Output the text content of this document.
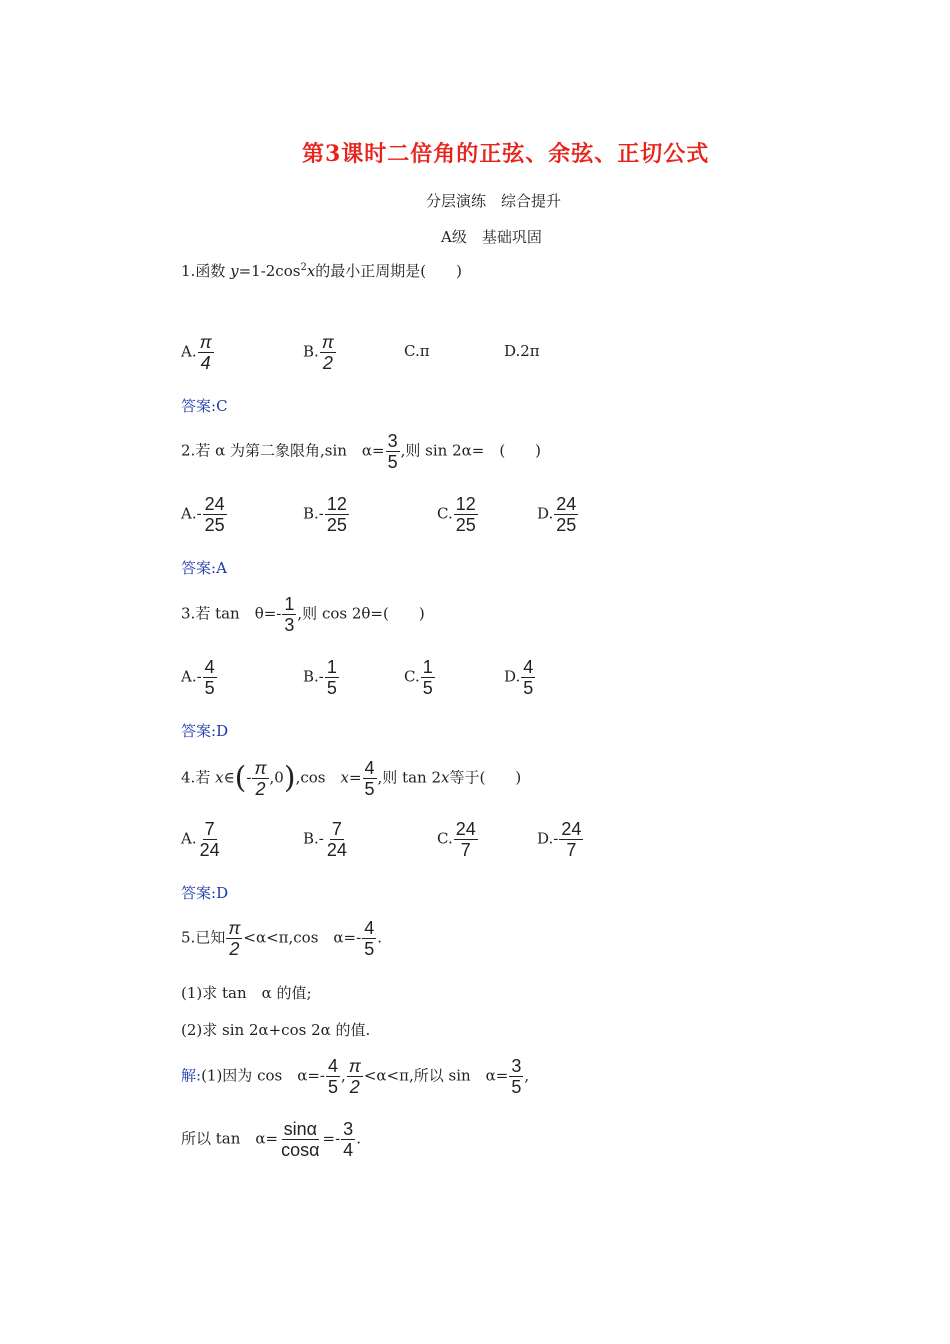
第3课时二倍角的正弦、余弦、正切公式
分层演练　综合提升
A级　基础巩固
1.函数 $y=1-2\cos^2x$的最小正周期是(　　)
A. $\frac{\pi}{4}$	B. $\frac{\pi}{2}$	C.π	D.2π
答案:C
2.若 α 为第二象限角,sin　$\alpha= \frac{3}{5}$ ,则 sin 2α=　(　　)
$A.- \frac{24}{25}$	$B.- \frac{12}{25}$	C. $\frac{12}{25}$	D. $\frac{24}{25}$
答案:A
3.若 tan　$\theta=- \frac{1}{3}$ ,则 cos 2θ=(　　)
$A.- \frac{4}{5}$	$B.- \frac{1}{5}$	C. $\frac{1}{5}$	D. $\frac{4}{5}$
答案:D
4.若 x∈(- $\frac{\pi}{2} ,0),\cos$　$x= \frac{4}{5}$ ,则 tan 2x等于(　　)
A. $\frac{7}{24}$	$B.- \frac{7}{24}$	C. $\frac{24}{7}$	$D.- \frac{24}{7}$
答案:D
5.已知 $\frac{\pi}{2} <\alpha<\pi,\cos$　$\alpha=- \frac{4}{5}$ .
(1)求 tan　α 的值;
(2)求 sin 2α+cos 2α 的值.
解:(1)因为 cos　$\alpha=- \frac{4}{5}$ , $\frac{\pi}{2} <\alpha<\pi$,所以 sin　$\alpha= \frac{3}{5}$ ,
所以 tan　$\alpha= \frac{\sin\alpha}{\cos\alpha} =- \frac{3}{4}$ .
